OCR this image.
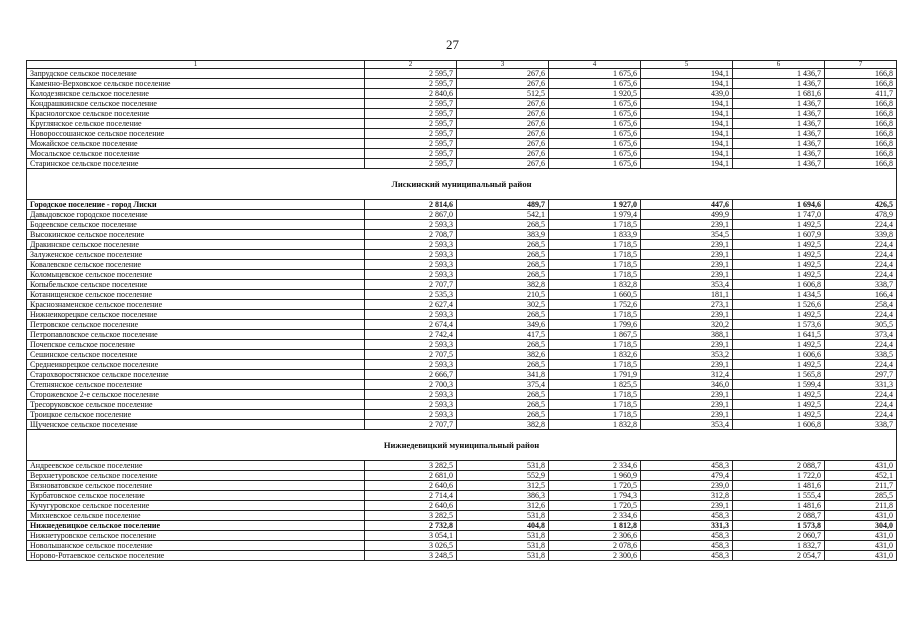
27
1	2	3	4	5	6	7
Запрудское сельское поселение	2 595,7	267,6	1 675,6	194,1	1 436,7	166,8
Каменно-Верховское сельское поселение	2 595,7	267,6	1 675,6	194,1	1 436,7	166,8
Колодезянское сельское поселение	2 840,6	512,5	1 920,5	439,0	1 681,6	411,7
Кондрашкинское сельское поселение	2 595,7	267,6	1 675,6	194,1	1 436,7	166,8
Краснологское сельское поселение	2 595,7	267,6	1 675,6	194,1	1 436,7	166,8
Круглянское сельское поселение	2 595,7	267,6	1 675,6	194,1	1 436,7	166,8
Новороссошанское сельское поселение	2 595,7	267,6	1 675,6	194,1	1 436,7	166,8
Можайское сельское поселение	2 595,7	267,6	1 675,6	194,1	1 436,7	166,8
Мосальское сельское поселение	2 595,7	267,6	1 675,6	194,1	1 436,7	166,8
Старинское сельское поселение	2 595,7	267,6	1 675,6	194,1	1 436,7	166,8
Лискинский муниципальный район						
Городское поселение - город Лиски	2 814,6	489,7	1 927,0	447,6	1 694,6	426,5
Давыдовское городское поселение	2 867,0	542,1	1 979,4	499,9	1 747,0	478,9
Бодеевское сельское поселение	2 593,3	268,5	1 718,5	239,1	1 492,5	224,4
Высокинское сельское поселение	2 708,7	383,9	1 833,9	354,5	1 607,9	339,8
Дракинское сельское поселение	2 593,3	268,5	1 718,5	239,1	1 492,5	224,4
Залуженское сельское поселение	2 593,3	268,5	1 718,5	239,1	1 492,5	224,4
Ковалевское сельское поселение	2 593,3	268,5	1 718,5	239,1	1 492,5	224,4
Коломыцевское сельское поселение	2 593,3	268,5	1 718,5	239,1	1 492,5	224,4
Копыбельское сельское поселение	2 707,7	382,8	1 832,8	353,4	1 606,8	338,7
Котанищенское сельское поселение	2 535,3	210,5	1 660,5	181,1	1 434,5	166,4
Краснознаменское сельское поселение	2 627,4	302,5	1 752,6	273,1	1 526,6	258,4
Нижнеикорецкое сельское поселение	2 593,3	268,5	1 718,5	239,1	1 492,5	224,4
Петровское сельское поселение	2 674,4	349,6	1 799,6	320,2	1 573,6	305,5
Петропавловское сельское поселение	2 742,4	417,5	1 867,5	388,1	1 641,5	373,4
Почепское сельское поселение	2 593,3	268,5	1 718,5	239,1	1 492,5	224,4
Сешинское сельское поселение	2 707,5	382,6	1 832,6	353,2	1 606,6	338,5
Среднеикорецкое сельское поселение	2 593,3	268,5	1 718,5	239,1	1 492,5	224,4
Старохворостянское сельское поселение	2 666,7	341,8	1 791,9	312,4	1 565,8	297,7
Степнянское сельское поселение	2 700,3	375,4	1 825,5	346,0	1 599,4	331,3
Сторожевское 2-е сельское поселение	2 593,3	268,5	1 718,5	239,1	1 492,5	224,4
Тресоруковское сельское поселение	2 593,3	268,5	1 718,5	239,1	1 492,5	224,4
Троицкое сельское поселение	2 593,3	268,5	1 718,5	239,1	1 492,5	224,4
Щученское сельское поселение	2 707,7	382,8	1 832,8	353,4	1 606,8	338,7
Нижнедевицкий муниципальный район						
Андреевское сельское поселение	3 282,5	531,8	2 334,6	458,3	2 088,7	431,0
Верхнетуровское сельское поселение	2 681,0	552,9	1 960,9	479,4	1 722,0	452,1
Вязноватовское сельское поселение	2 640,6	312,5	1 720,5	239,0	1 481,6	211,7
Курбатовское сельское поселение	2 714,4	386,3	1 794,3	312,8	1 555,4	285,5
Кучугуровское сельское поселение	2 640,6	312,6	1 720,5	239,1	1 481,6	211,8
Михневское сельское поселение	3 282,5	531,8	2 334,6	458,3	2 088,7	431,0
Нижнедевицкое сельское поселение	2 732,8	404,8	1 812,8	331,3	1 573,8	304,0
Нижнетуровское сельское поселение	3 054,1	531,8	2 306,6	458,3	2 060,7	431,0
Новольшанское сельское поселение	3 026,5	531,8	2 078,6	458,3	1 832,7	431,0
Норово-Ротаевское сельское поселение	3 248,5	531,8	2 300,6	458,3	2 054,7	431,0
